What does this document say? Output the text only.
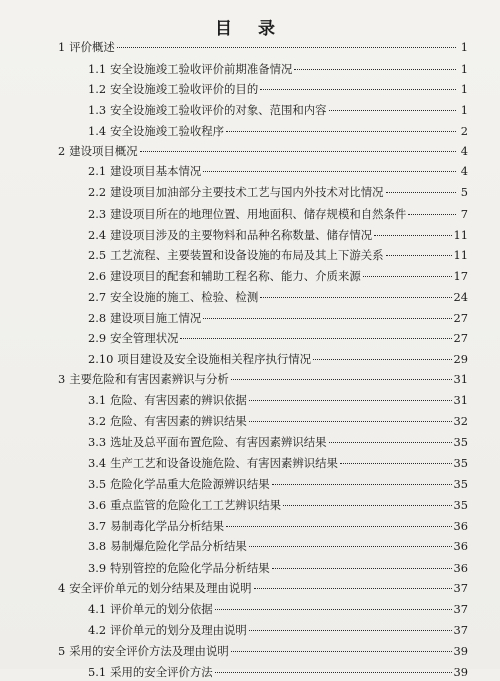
目 录
1 评价概述	1
1.1 安全设施竣工验收评价前期准备情况	1
1.2 安全设施竣工验收评价的目的	1
1.3 安全设施竣工验收评价的对象、范围和内容	1
1.4 安全设施竣工验收程序	2
2 建设项目概况	4
2.1 建设项目基本情况	4
2.2 建设项目加油部分主要技术工艺与国内外技术对比情况	5
2.3 建设项目所在的地理位置、用地面积、储存规模和自然条件	7
2.4 建设项目涉及的主要物料和品种名称数量、储存情况	11
2.5 工艺流程、主要装置和设备设施的布局及其上下游关系	11
2.6 建设项目的配套和辅助工程名称、能力、介质来源	17
2.7 安全设施的施工、检验、检测	24
2.8 建设项目施工情况	27
2.9 安全管理状况	27
2.10 项目建设及安全设施相关程序执行情况	29
3 主要危险和有害因素辨识与分析	31
3.1 危险、有害因素的辨识依据	31
3.2 危险、有害因素的辨识结果	32
3.3 选址及总平面布置危险、有害因素辨识结果	35
3.4 生产工艺和设备设施危险、有害因素辨识结果	35
3.5 危险化学品重大危险源辨识结果	35
3.6 重点监管的危险化工工艺辨识结果	35
3.7 易制毒化学品分析结果	36
3.8 易制爆危险化学品分析结果	36
3.9 特别管控的危险化学品分析结果	36
4 安全评价单元的划分结果及理由说明	37
4.1 评价单元的划分依据	37
4.2 评价单元的划分及理由说明	37
5 采用的安全评价方法及理由说明	39
5.1 采用的安全评价方法	39
